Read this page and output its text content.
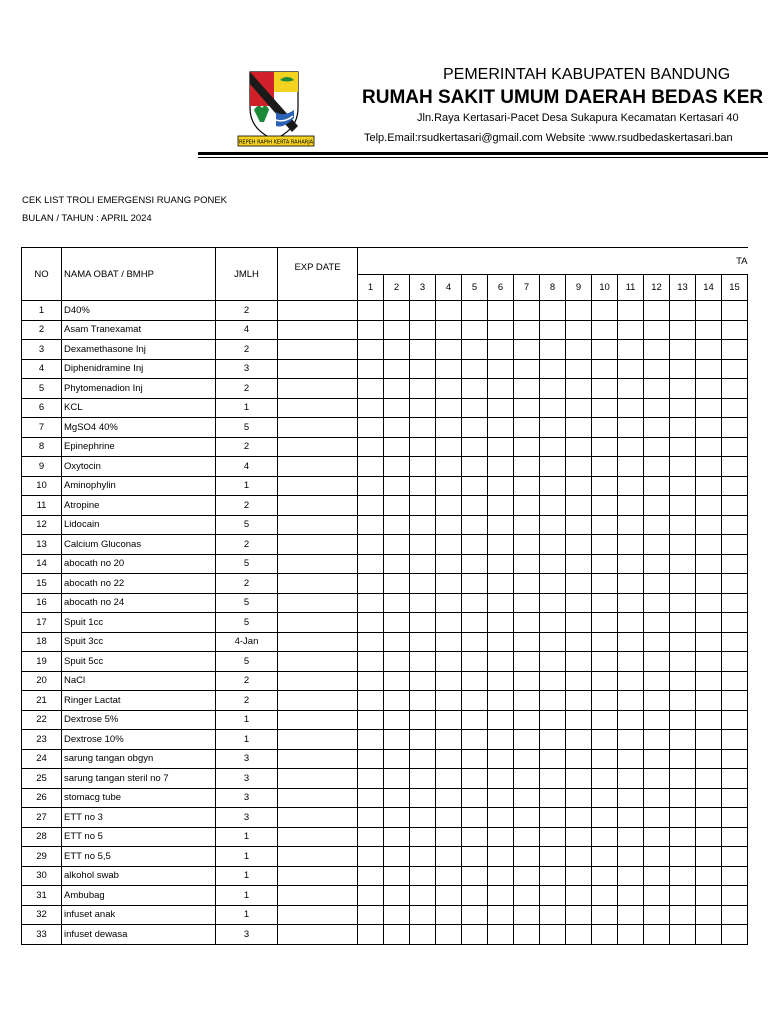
REPEH RAPIH KERTA RAHARJA
PEMERINTAH KABUPATEN BANDUNG
RUMAH SAKIT UMUM DAERAH BEDAS KER
Jln.Raya Kertasari-Pacet Desa Sukapura Kecamatan Kertasari 40
Telp.Email:rsudkertasari@gmail.com Website :www.rsudbedaskertasari.ban
CEK LIST TROLI EMERGENSI RUANG PONEK
BULAN / TAHUN : APRIL 2024
NO	NAMA OBAT / BMHP	JMLH	EXP DATE	TA														
				1	2	3	4	5	6	7	8	9	10	11	12	13	14	15
1	D40%	2																
2	Asam Tranexamat	4																
3	Dexamethasone Inj	2																
4	Diphenidramine Inj	3																
5	Phytomenadion Inj	2																
6	KCL	1																
7	MgSO4 40%	5																
8	Epinephrine	2																
9	Oxytocin	4																
10	Aminophylin	1																
11	Atropine	2																
12	Lidocain	5																
13	Calcium Gluconas	2																
14	abocath no 20	5																
15	abocath no 22	2																
16	abocath no 24	5																
17	Spuit 1cc	5																
18	Spuit 3cc	4-Jan																
19	Spuit 5cc	5																
20	NaCl	2																
21	Ringer Lactat	2																
22	Dextrose 5%	1																
23	Dextrose 10%	1																
24	sarung tangan obgyn	3																
25	sarung tangan steril no 7	3																
26	stomacg tube	3																
27	ETT no 3	3																
28	ETT no 5	1																
29	ETT no 5,5	1																
30	alkohol swab	1																
31	Ambubag	1																
32	infuset anak	1																
33	infuset dewasa	3																
